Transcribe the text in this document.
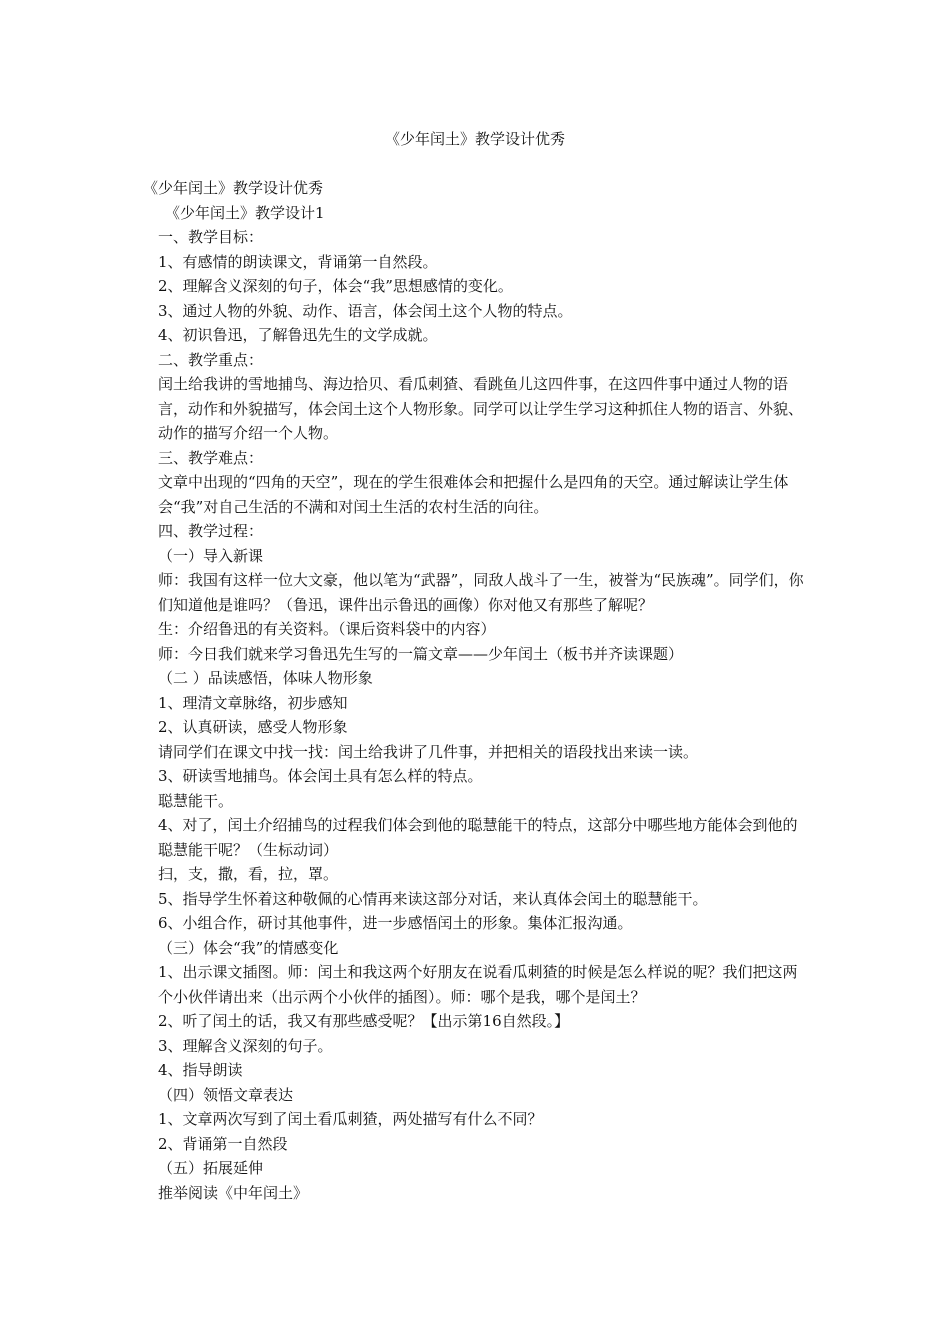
《少年闰土》教学设计优秀

《少年闰土》教学设计优秀

《少年闰土》教学设计1

一、教学目标：

1、有感情的朗读课文，背诵第一自然段。

2、理解含义深刻的句子，体会“我”思想感情的变化。

3、通过人物的外貌、动作、语言，体会闰土这个人物的特点。

4、初识鲁迅，了解鲁迅先生的文学成就。

二、教学重点：

闰土给我讲的雪地捕鸟、海边拾贝、看瓜刺猹、看跳鱼儿这四件事，在这四件事中通过人物的语言，动作和外貌描写，体会闰土这个人物形象。同学可以让学生学习这种抓住人物的语言、外貌、动作的描写介绍一个人物。

三、教学难点：

文章中出现的“四角的天空”，现在的学生很难体会和把握什么是四角的天空。通过解读让学生体会“我”对自己生活的不满和对闰土生活的农村生活的向往。

四、教学过程：

（一）导入新课

师：我国有这样一位大文豪，他以笔为“武器”，同敌人战斗了一生，被誉为“民族魂”。同学们，你们知道他是谁吗？（鲁迅，课件出示鲁迅的画像）你对他又有那些了解呢？

生：介绍鲁迅的有关资料。（课后资料袋中的内容）

师：今日我们就来学习鲁迅先生写的一篇文章——少年闰土（板书并齐读课题）

（二 ）品读感悟，体味人物形象

1、理清文章脉络，初步感知

2、认真研读，感受人物形象

请同学们在课文中找一找：闰土给我讲了几件事，并把相关的语段找出来读一读。

3、研读雪地捕鸟。体会闰土具有怎么样的特点。

聪慧能干。

4、对了，闰土介绍捕鸟的过程我们体会到他的聪慧能干的特点，这部分中哪些地方能体会到他的聪慧能干呢？（生标动词）

扫，支，撒，看，拉，罩。

5、指导学生怀着这种敬佩的心情再来读这部分对话，来认真体会闰土的聪慧能干。

6、小组合作，研讨其他事件，进一步感悟闰土的形象。集体汇报沟通。

（三）体会“我”的情感变化

1、出示课文插图。师：闰土和我这两个好朋友在说看瓜刺猹的时候是怎么样说的呢？我们把这两个小伙伴请出来（出示两个小伙伴的插图）。师：哪个是我，哪个是闰土？

2、听了闰土的话，我又有那些感受呢？【出示第16自然段。】

3、理解含义深刻的句子。

4、指导朗读

（四）领悟文章表达

1、文章两次写到了闰土看瓜刺猹，两处描写有什么不同？

2、背诵第一自然段

（五）拓展延伸

推举阅读《中年闰土》
